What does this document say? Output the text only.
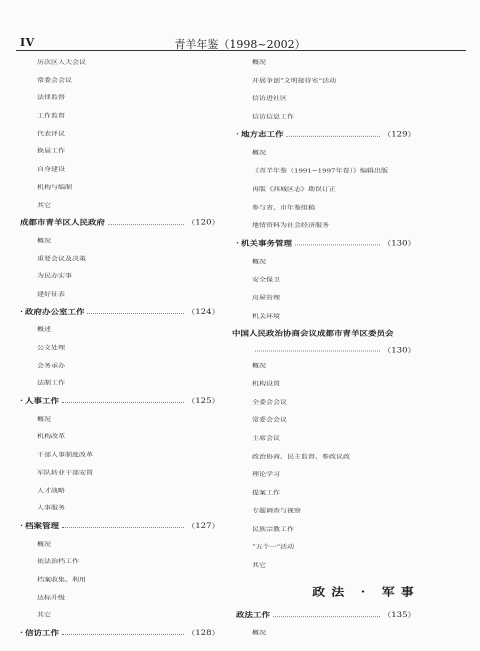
IV	青羊年鉴（1998~2002）
历次区人大会议
常委会会议
法律监督
工作监督
代表评议
换届工作
自身建设
机构与编制
其它
成都市青羊区人民政府	（120）
概况
重要会议及决策
为民办实事
建好征表
· 政府办公室工作	（124）
概述
公文处理
会务承办
法制工作
· 人事工作	（125）
概况
机构改革
干部人事制度改革
军队转业干部安置
人才战略
人事服务
· 档案管理	（127）
概况
依法治档工作
档案收集、利用
达标升级
其它
· 信访工作	（128）
概况
开展争创“文明接待室”活动
信访进社区
信访信息工作
· 地方志工作	（129）
概况
《青羊年鉴（1991~1997年卷）》编辑出版
再版《西城区志》勘误订正
参与省、市年鉴组稿
地情资料为社会经济服务
· 机关事务管理	（130）
概况
安全保卫
房屋管理
机关环境
中国人民政治协商会议成都市青羊区委员会
（130）
概况
机构设置
全委会会议
常委会会议
主席会议
政治协商、民主监督、参政议政
理论学习
提案工作
专题调查与视察
民族宗教工作
“五个一”活动
其它
政法 · 军事
政法工作	（135）
概况
